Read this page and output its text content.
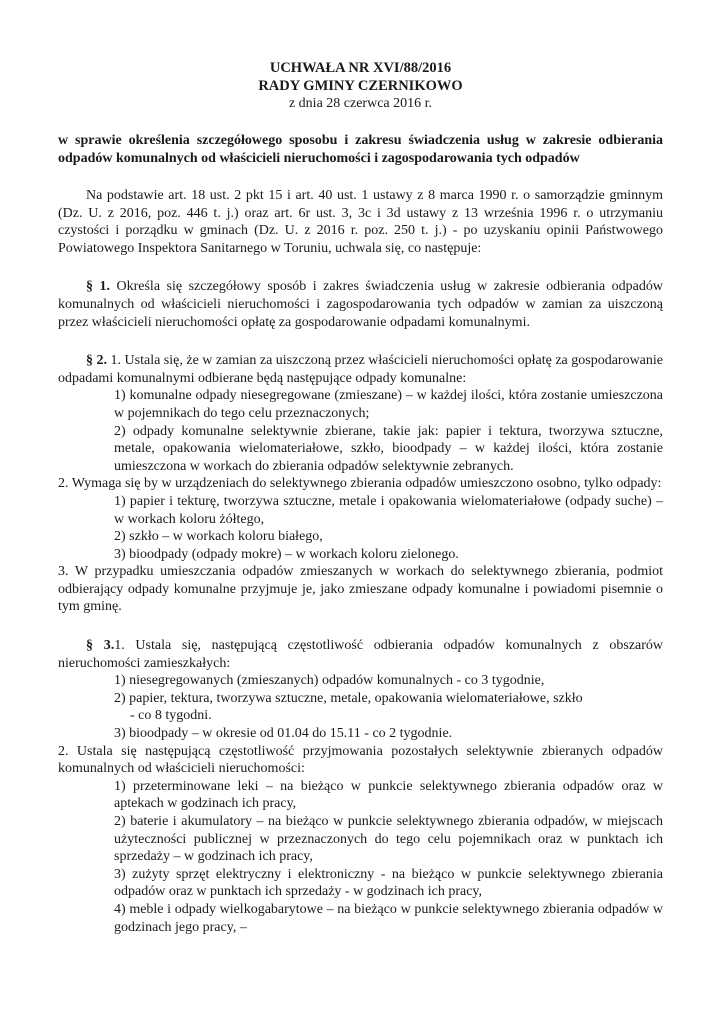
UCHWAŁA NR XVI/88/2016
RADY GMINY CZERNIKOWO
z dnia 28 czerwca 2016 r.

w sprawie określenia szczegółowego sposobu i zakresu świadczenia usług w zakresie odbierania odpadów komunalnych od właścicieli nieruchomości i zagospodarowania tych odpadów

Na podstawie art. 18 ust. 2 pkt 15 i art. 40 ust. 1 ustawy z 8 marca 1990 r. o samorządzie gminnym (Dz. U. z 2016, poz. 446 t. j.) oraz art. 6r ust. 3, 3c i 3d ustawy z 13 września 1996 r. o utrzymaniu czystości i porządku w gminach (Dz. U. z 2016 r. poz. 250 t. j.) - po uzyskaniu opinii Państwowego Powiatowego Inspektora Sanitarnego w Toruniu, uchwala się, co następuje:

§ 1. Określa się szczegółowy sposób i zakres świadczenia usług w zakresie odbierania odpadów komunalnych od właścicieli nieruchomości i zagospodarowania tych odpadów w zamian za uiszczoną przez właścicieli nieruchomości opłatę za gospodarowanie odpadami komunalnymi.

§ 2. 1. Ustala się, że w zamian za uiszczoną przez właścicieli nieruchomości opłatę za gospodarowanie odpadami komunalnymi odbierane będą następujące odpady komunalne:

1) komunalne odpady niesegregowane (zmieszane) – w każdej ilości, która zostanie umieszczona w pojemnikach do tego celu przeznaczonych;

2) odpady komunalne selektywnie zbierane, takie jak: papier i tektura, tworzywa sztuczne, metale, opakowania wielomateriałowe, szkło, bioodpady – w każdej ilości, która zostanie umieszczona w workach do zbierania odpadów selektywnie zebranych.

2. Wymaga się by w urządzeniach do selektywnego zbierania odpadów umieszczono osobno, tylko odpady:

1) papier i tekturę, tworzywa sztuczne, metale i opakowania wielomateriałowe (odpady suche) – w workach koloru żółtego,

2) szkło – w workach koloru białego,

3) bioodpady (odpady mokre) – w workach koloru zielonego.

3. W przypadku umieszczania odpadów zmieszanych w workach do selektywnego zbierania, podmiot odbierający odpady komunalne przyjmuje je, jako zmieszane odpady komunalne i powiadomi pisemnie o tym gminę.

§ 3.1. Ustala się, następującą częstotliwość odbierania odpadów komunalnych z obszarów nieruchomości zamieszkałych:

1) niesegregowanych (zmieszanych) odpadów komunalnych - co 3 tygodnie,

2) papier, tektura, tworzywa sztuczne, metale, opakowania wielomateriałowe, szkło

- co 8 tygodni.

3) bioodpady – w okresie od 01.04 do 15.11 - co 2 tygodnie.

2. Ustala się następującą częstotliwość przyjmowania pozostałych selektywnie zbieranych odpadów komunalnych od właścicieli nieruchomości:

1) przeterminowane leki – na bieżąco w punkcie selektywnego zbierania odpadów oraz w aptekach w godzinach ich pracy,

2) baterie i akumulatory – na bieżąco w punkcie selektywnego zbierania odpadów, w miejscach użyteczności publicznej w przeznaczonych do tego celu pojemnikach oraz w punktach ich sprzedaży – w godzinach ich pracy,

3) zużyty sprzęt elektryczny i elektroniczny - na bieżąco w punkcie selektywnego zbierania odpadów oraz w punktach ich sprzedaży - w godzinach ich pracy,

4) meble i odpady wielkogabarytowe – na bieżąco w punkcie selektywnego zbierania odpadów w godzinach jego pracy, –
